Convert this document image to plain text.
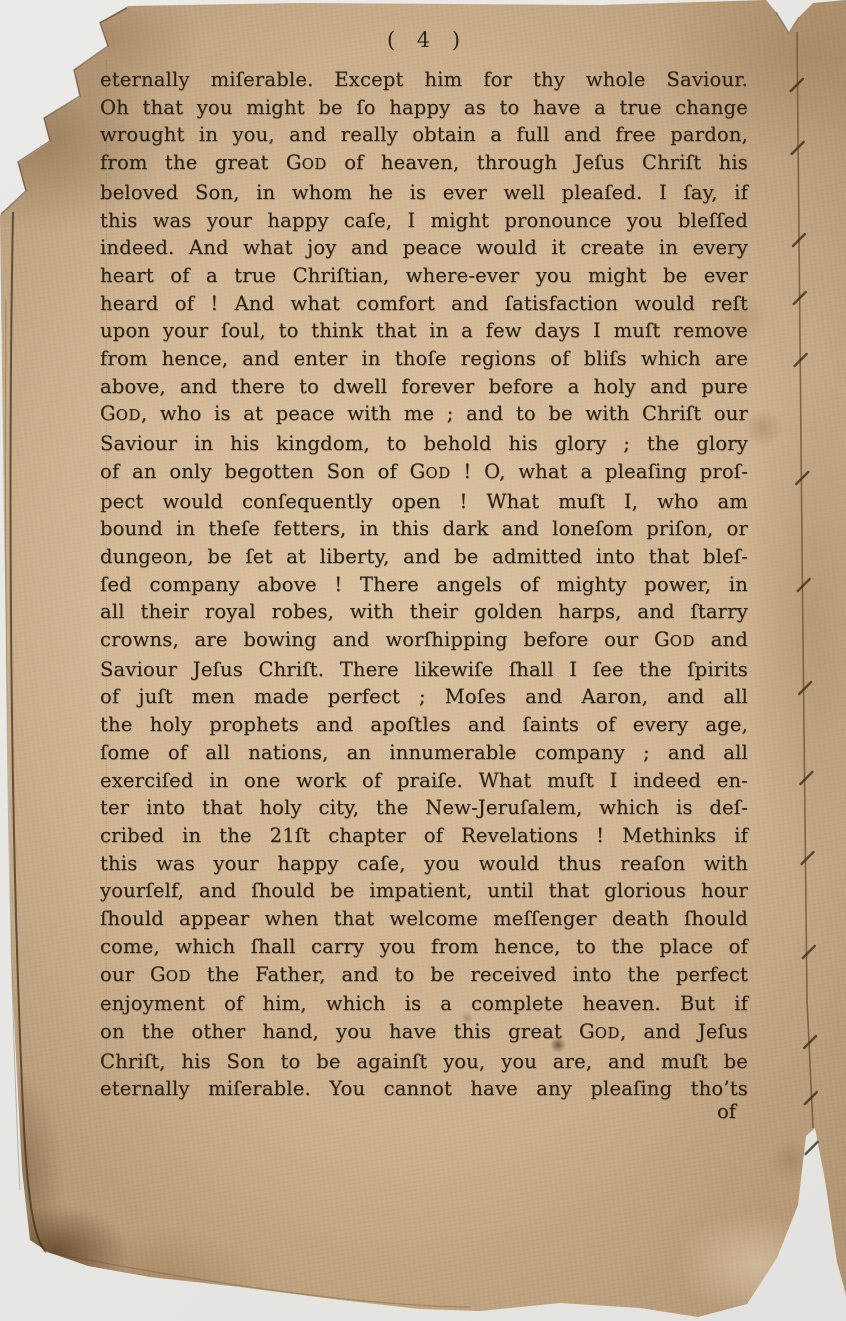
( 4 )
eternally miſerable. Except him for thy whole Saviour.
Oh that you might be ſo happy as to have a true change
wrought in you, and really obtain a full and free pardon,
from the great GOD of heaven, through Jeſus Chriſt his
beloved Son, in whom he is ever well pleaſed. I ſay, if
this was your happy caſe, I might pronounce you bleſſed
indeed. And what joy and peace would it create in every
heart of a true Chriſtian, where-ever you might be ever
heard of ! And what comfort and ſatisfaction would reſt
upon your ſoul, to think that in a few days I muſt remove
from hence, and enter in thoſe regions of bliſs which are
above, and there to dwell forever before a holy and pure
GOD, who is at peace with me ; and to be with Chriſt our
Saviour in his kingdom, to behold his glory ; the glory
of an only begotten Son of GOD ! O, what a pleaſing proſ-
pect would conſequently open ! What muſt I, who am
bound in theſe fetters, in this dark and loneſom priſon, or
dungeon, be ſet at liberty, and be admitted into that bleſ-
ſed company above ! There angels of mighty power, in
all their royal robes, with their golden harps, and ſtarry
crowns, are bowing and worſhipping before our GOD and
Saviour Jeſus Chriſt. There likewiſe ſhall I ſee the ſpirits
of juſt men made perfect ; Moſes and Aaron, and all
the holy prophets and apoſtles and ſaints of every age,
ſome of all nations, an innumerable company ; and all
exerciſed in one work of praiſe. What muſt I indeed en-
ter into that holy city, the New-Jeruſalem, which is deſ-
cribed in the 21ſt chapter of Revelations ! Methinks if
this was your happy caſe, you would thus reaſon with
yourſelf, and ſhould be impatient, until that glorious hour
ſhould appear when that welcome meſſenger death ſhould
come, which ſhall carry you from hence, to the place of
our GOD the Father, and to be received into the perfect
enjoyment of him, which is a complete heaven. But if
on the other hand, you have this great GOD, and Jeſus
Chriſt, his Son to be againſt you, you are, and muſt be
eternally miſerable. You cannot have any pleaſing tho’ts
of
